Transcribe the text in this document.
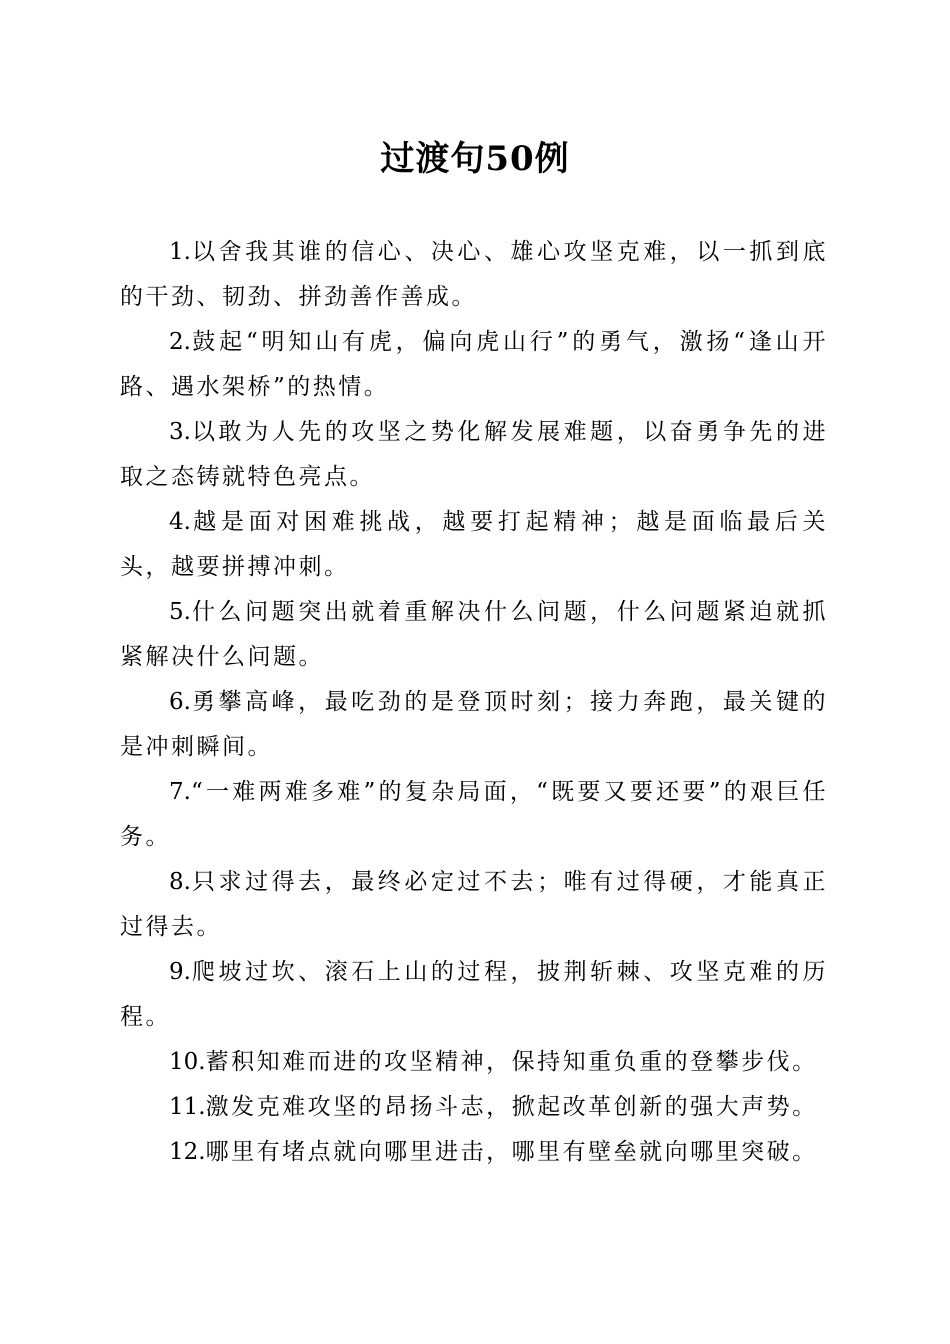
过渡句50例
1.以舍我其谁的信心、决心、雄心攻坚克难，以一抓到底的干劲、韧劲、拼劲善作善成。
2.鼓起“明知山有虎，偏向虎山行”的勇气，激扬“逢山开路、遇水架桥”的热情。
3.以敢为人先的攻坚之势化解发展难题，以奋勇争先的进取之态铸就特色亮点。
4.越是面对困难挑战，越要打起精神；越是面临最后关头，越要拼搏冲刺。
5.什么问题突出就着重解决什么问题，什么问题紧迫就抓紧解决什么问题。
6.勇攀高峰，最吃劲的是登顶时刻；接力奔跑，最关键的是冲刺瞬间。
7.“一难两难多难”的复杂局面，“既要又要还要”的艰巨任务。
8.只求过得去，最终必定过不去；唯有过得硬，才能真正过得去。
9.爬坡过坎、滚石上山的过程，披荆斩棘、攻坚克难的历程。
10.蓄积知难而进的攻坚精神，保持知重负重的登攀步伐。
11.激发克难攻坚的昂扬斗志，掀起改革创新的强大声势。
12.哪里有堵点就向哪里进击，哪里有壁垒就向哪里突破。
